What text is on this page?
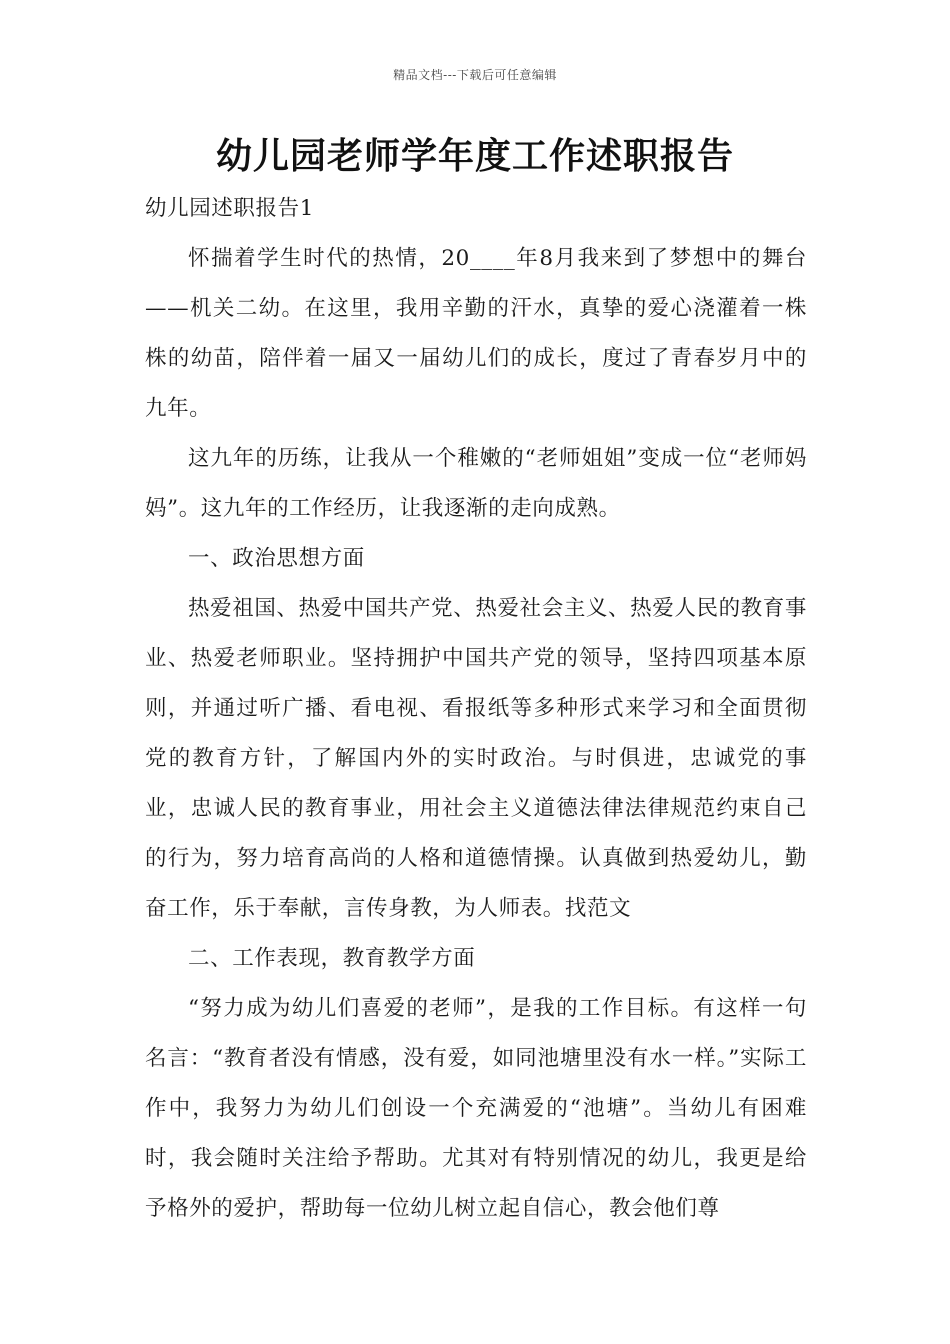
精品文档---下载后可任意编辑
幼儿园老师学年度工作述职报告

幼儿园述职报告1

怀揣着学生时代的热情，20____年8月我来到了梦想中的舞台——机关二幼。在这里，我用辛勤的汗水，真挚的爱心浇灌着一株株的幼苗，陪伴着一届又一届幼儿们的成长，度过了青春岁月中的九年。

这九年的历练，让我从一个稚嫩的“老师姐姐”变成一位“老师妈妈”。这九年的工作经历，让我逐渐的走向成熟。

一、政治思想方面

热爱祖国、热爱中国共产党、热爱社会主义、热爱人民的教育事业、热爱老师职业。坚持拥护中国共产党的领导，坚持四项基本原则，并通过听广播、看电视、看报纸等多种形式来学习和全面贯彻党的教育方针，了解国内外的实时政治。与时俱进，忠诚党的事业，忠诚人民的教育事业，用社会主义道德法律法律规范约束自己的行为，努力培育高尚的人格和道德情操。认真做到热爱幼儿，勤奋工作，乐于奉献，言传身教，为人师表。找范文

二、工作表现，教育教学方面

“努力成为幼儿们喜爱的老师”，是我的工作目标。有这样一句名言：“教育者没有情感，没有爱，如同池塘里没有水一样。”实际工作中，我努力为幼儿们创设一个充满爱的“池塘”。当幼儿有困难时，我会随时关注给予帮助。尤其对有特别情况的幼儿，我更是给予格外的爱护，帮助每一位幼儿树立起自信心，教会他们尊
